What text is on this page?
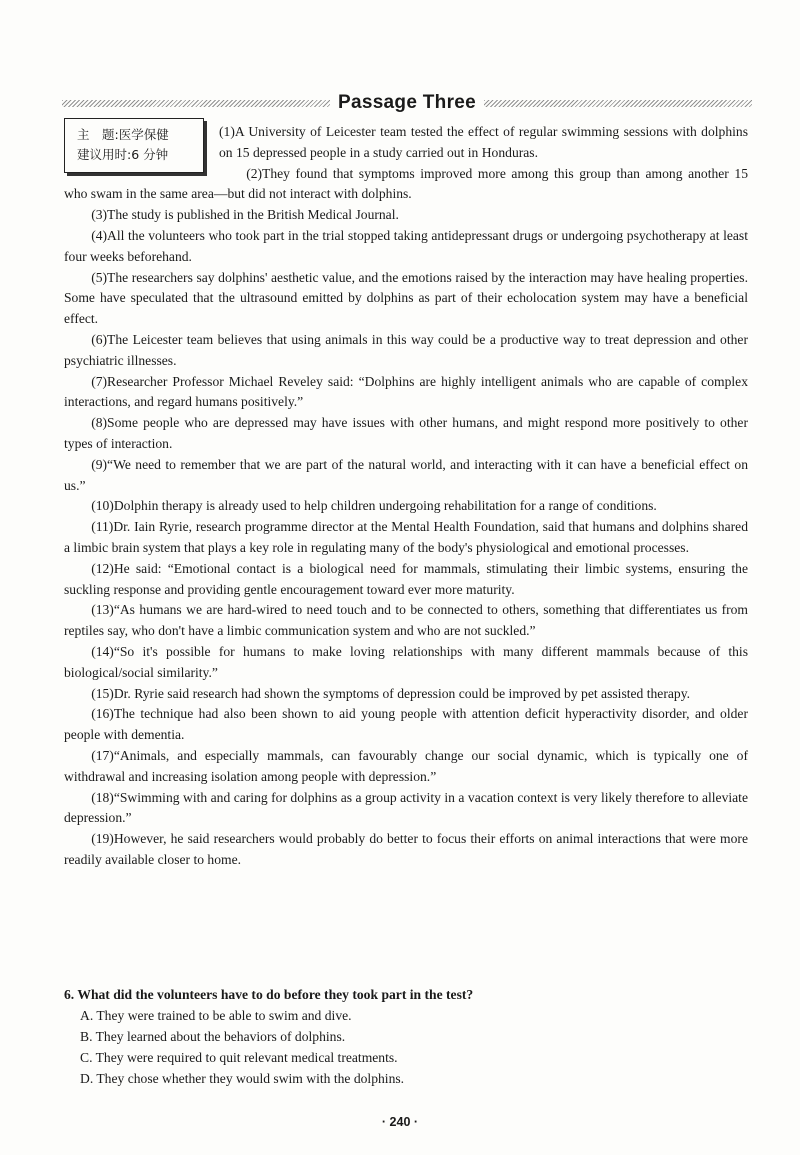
Passage Three
主　题:医学保健
建议用时:6 分钟

(1)A University of Leicester team tested the effect of regular swimming sessions with dolphins on 15 depressed people in a study carried out in Honduras.

(2)They found that symptoms improved more among this group than among another 15 who swam in the same area—but did not interact with dolphins.

(3)The study is published in the British Medical Journal.

(4)All the volunteers who took part in the trial stopped taking antidepressant drugs or undergoing psychotherapy at least four weeks beforehand.

(5)The researchers say dolphins' aesthetic value, and the emotions raised by the interaction may have healing properties. Some have speculated that the ultrasound emitted by dolphins as part of their echolocation system may have a beneficial effect.

(6)The Leicester team believes that using animals in this way could be a productive way to treat depression and other psychiatric illnesses.

(7)Researcher Professor Michael Reveley said: “Dolphins are highly intelligent animals who are capable of complex interactions, and regard humans positively.”

(8)Some people who are depressed may have issues with other humans, and might respond more positively to other types of interaction.

(9)“We need to remember that we are part of the natural world, and interacting with it can have a beneficial effect on us.”

(10)Dolphin therapy is already used to help children undergoing rehabilitation for a range of conditions.

(11)Dr. Iain Ryrie, research programme director at the Mental Health Foundation, said that humans and dolphins shared a limbic brain system that plays a key role in regulating many of the body's physiological and emotional processes.

(12)He said: “Emotional contact is a biological need for mammals, stimulating their limbic systems, ensuring the suckling response and providing gentle encouragement toward ever more maturity.

(13)“As humans we are hard-wired to need touch and to be connected to others, something that differentiates us from reptiles say, who don't have a limbic communication system and who are not suckled.”

(14)“So it's possible for humans to make loving relationships with many different mammals because of this biological/social similarity.”

(15)Dr. Ryrie said research had shown the symptoms of depression could be improved by pet assisted therapy.

(16)The technique had also been shown to aid young people with attention deficit hyperactivity disorder, and older people with dementia.

(17)“Animals, and especially mammals, can favourably change our social dynamic, which is typically one of withdrawal and increasing isolation among people with depression.”

(18)“Swimming with and caring for dolphins as a group activity in a vacation context is very likely therefore to alleviate depression.”

(19)However, he said researchers would probably do better to focus their efforts on animal interactions that were more readily available closer to home.

6. What did the volunteers have to do before they took part in the test?
A. They were trained to be able to swim and dive.
B. They learned about the behaviors of dolphins.
C. They were required to quit relevant medical treatments.
D. They chose whether they would swim with the dolphins.
· 240 ·
